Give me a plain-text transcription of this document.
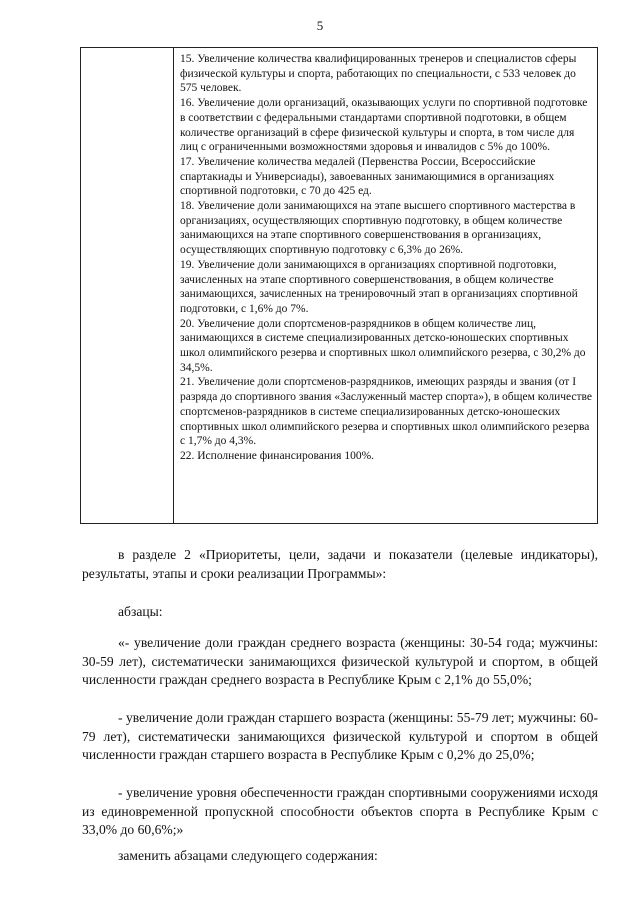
5

15. Увеличение количества квалифицированных тренеров и специалистов сферы физической культуры и спорта, работающих по специальности, с 533 человек до 575 человек.

16. Увеличение доли организаций, оказывающих услуги по спортивной подготовке в соответствии с федеральными стандартами спортивной подготовки, в общем количестве организаций в сфере физической культуры и спорта, в том числе для лиц с ограниченными возможностями здоровья и инвалидов с 5% до 100%.

17. Увеличение количества медалей (Первенства России, Всероссийские спартакиады и Универсиады), завоеванных занимающимися в организациях спортивной подготовки, с 70 до 425 ед.

18. Увеличение доли занимающихся на этапе высшего спортивного мастерства в организациях, осуществляющих спортивную подготовку, в общем количестве занимающихся на этапе спортивного совершенствования в организациях, осуществляющих спортивную подготовку с 6,3% до 26%.

19. Увеличение доли занимающихся в организациях спортивной подготовки, зачисленных на этапе спортивного совершенствования, в общем количестве занимающихся, зачисленных на тренировочный этап в организациях спортивной подготовки, с 1,6% до 7%.

20. Увеличение доли спортсменов-разрядников в общем количестве лиц, занимающихся в системе специализированных детско-юношеских спортивных школ олимпийского резерва и спортивных школ олимпийского резерва, с 30,2% до 34,5%.

21. Увеличение доли спортсменов-разрядников, имеющих разряды и звания (от I разряда до спортивного звания «Заслуженный мастер спорта»), в общем количестве спортсменов-разрядников в системе специализированных детско-юношеских спортивных школ олимпийского резерва и спортивных школ олимпийского резерва с 1,7% до 4,3%.

22. Исполнение финансирования 100%.

в разделе 2 «Приоритеты, цели, задачи и показатели (целевые индикаторы), результаты, этапы и сроки реализации Программы»:

абзацы:

«- увеличение доли граждан среднего возраста (женщины: 30-54 года; мужчины: 30-59 лет), систематически занимающихся физической культурой и спортом, в общей численности граждан среднего возраста в Республике Крым с 2,1% до 55,0%;

- увеличение доли граждан старшего возраста (женщины: 55-79 лет; мужчины: 60-79 лет), систематически занимающихся физической культурой и спортом в общей численности граждан старшего возраста в Республике Крым с 0,2% до 25,0%;

- увеличение уровня обеспеченности граждан спортивными сооружениями исходя из единовременной пропускной способности объектов спорта в Республике Крым с 33,0% до 60,6%;»

заменить абзацами следующего содержания:
